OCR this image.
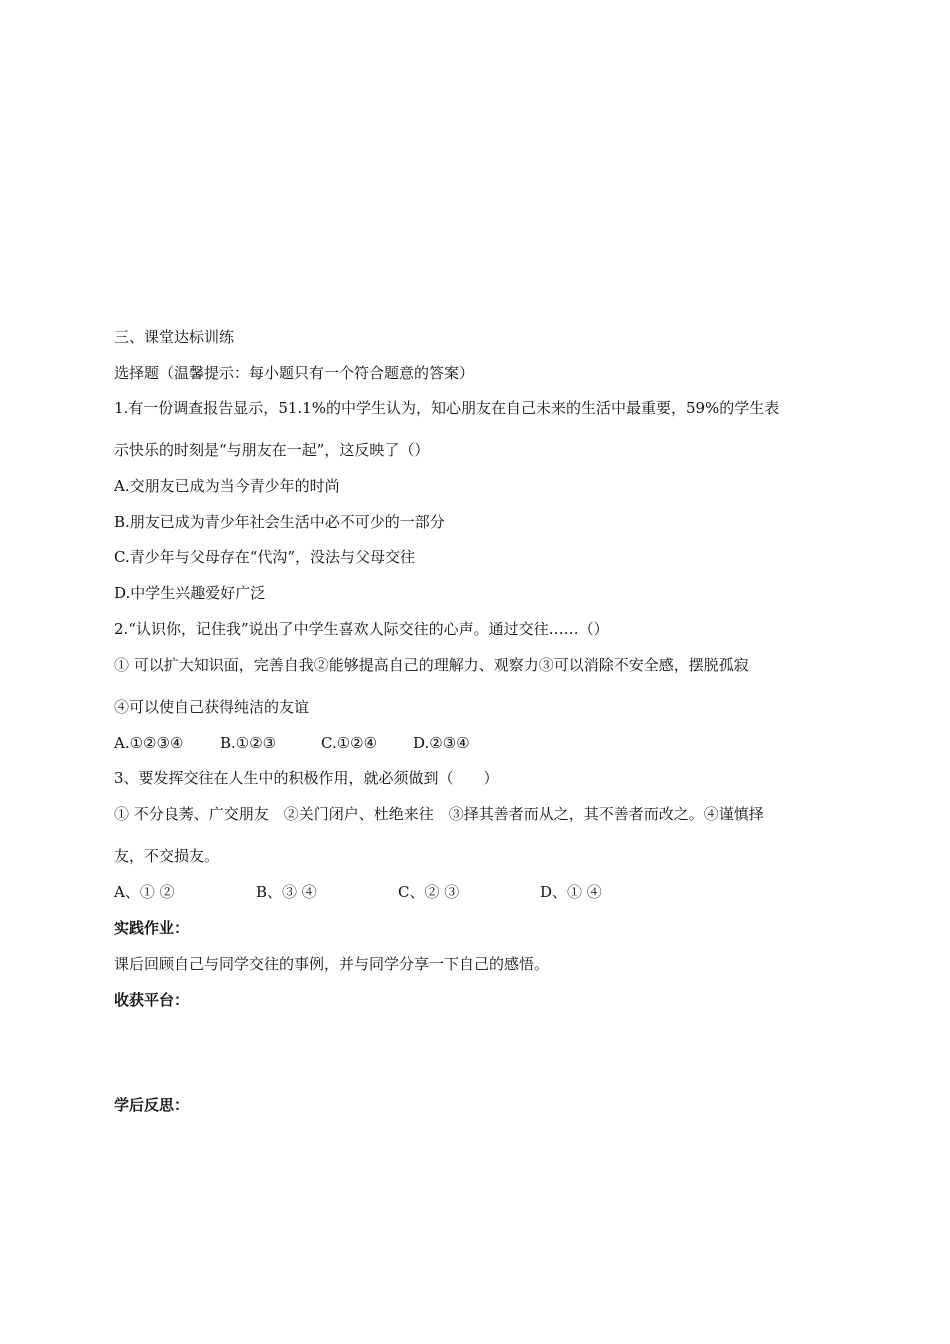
三、课堂达标训练
选择题（温馨提示：每小题只有一个符合题意的答案）
1.有一份调查报告显示，51.1%的中学生认为，知心朋友在自己未来的生活中最重要，59%的学生表
示快乐的时刻是“与朋友在一起”，这反映了（）
A.交朋友已成为当今青少年的时尚
B.朋友已成为青少年社会生活中必不可少的一部分
C.青少年与父母存在“代沟”，没法与父母交往
D.中学生兴趣爱好广泛
2.“认识你，记住我”说出了中学生喜欢人际交往的心声。通过交往……（）
① 可以扩大知识面，完善自我②能够提高自己的理解力、观察力③可以消除不安全感，摆脱孤寂
④可以使自己获得纯洁的友谊
A.①②③④ B.①②③	C.①②④ D.②③④
3、要发挥交往在人生中的积极作用，就必须做到（　　）
① 不分良莠、广交朋友　②关门闭户、杜绝来往　③择其善者而从之，其不善者而改之。④谨慎择
友，不交损友。
A、① ②	B、③ ④	C、② ③	D、① ④
实践作业：
课后回顾自己与同学交往的事例，并与同学分享一下自己的感悟。
收获平台：
学后反思：
